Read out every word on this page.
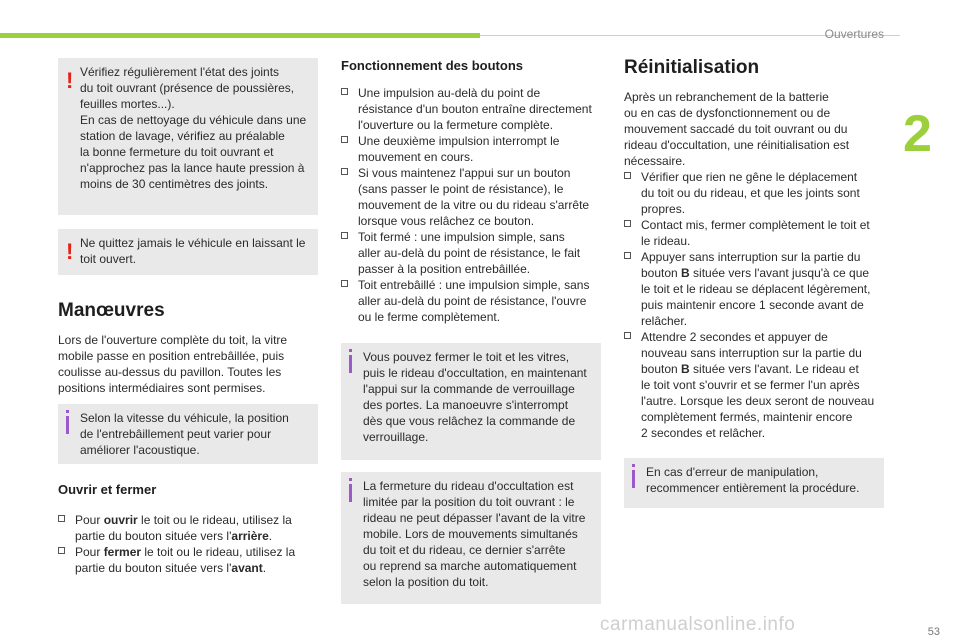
Ouvertures
2
! Vérifiez régulièrement l'état des joints
du toit ouvrant (présence de poussières,
feuilles mortes...).
En cas de nettoyage du véhicule dans une
station de lavage, vérifiez au préalable
la bonne fermeture du toit ouvrant et
n'approchez pas la lance haute pression à
moins de 30 centimètres des joints.
! Ne quittez jamais le véhicule en laissant le
toit ouvert.
Manœuvres
Lors de l'ouverture complète du toit, la vitre
mobile passe en position entrebâillée, puis
coulisse au-dessus du pavillon. Toutes les
positions intermédiaires sont permises.
Selon la vitesse du véhicule, la position
de l'entrebâillement peut varier pour
améliorer l'acoustique.
Ouvrir et fermer
Pour ouvrir le toit ou le rideau, utilisez la
partie du bouton située vers l'arrière.
Pour fermer le toit ou le rideau, utilisez la
partie du bouton située vers l'avant.
Fonctionnement des boutons
Une impulsion au-delà du point de
résistance d'un bouton entraîne directement
l'ouverture ou la fermeture complète.
Une deuxième impulsion interrompt le
mouvement en cours.
Si vous maintenez l'appui sur un bouton
(sans passer le point de résistance), le
mouvement de la vitre ou du rideau s'arrête
lorsque vous relâchez ce bouton.
Toit fermé : une impulsion simple, sans
aller au-delà du point de résistance, le fait
passer à la position entrebâillée.
Toit entrebâillé : une impulsion simple, sans
aller au-delà du point de résistance, l'ouvre
ou le ferme complètement.
Vous pouvez fermer le toit et les vitres,
puis le rideau d'occultation, en maintenant
l'appui sur la commande de verrouillage
des portes. La manoeuvre s'interrompt
dès que vous relâchez la commande de
verrouillage.
La fermeture du rideau d'occultation est
limitée par la position du toit ouvrant : le
rideau ne peut dépasser l'avant de la vitre
mobile. Lors de mouvements simultanés
du toit et du rideau, ce dernier s'arrête
ou reprend sa marche automatiquement
selon la position du toit.
Réinitialisation
Après un rebranchement de la batterie
ou en cas de dysfonctionnement ou de
mouvement saccadé du toit ouvrant ou du
rideau d'occultation, une réinitialisation est
nécessaire.
Vérifier que rien ne gêne le déplacement
du toit ou du rideau, et que les joints sont
propres.
Contact mis, fermer complètement le toit et
le rideau.
Appuyer sans interruption sur la partie du
bouton B située vers l'avant jusqu'à ce que
le toit et le rideau se déplacent légèrement,
puis maintenir encore 1 seconde avant de
relâcher.
Attendre 2 secondes et appuyer de
nouveau sans interruption sur la partie du
bouton B située vers l'avant. Le rideau et
le toit vont s'ouvrir et se fermer l'un après
l'autre. Lorsque les deux seront de nouveau
complètement fermés, maintenir encore
2 secondes et relâcher.
En cas d'erreur de manipulation,
recommencer entièrement la procédure.
carmanualsonline.info	53
